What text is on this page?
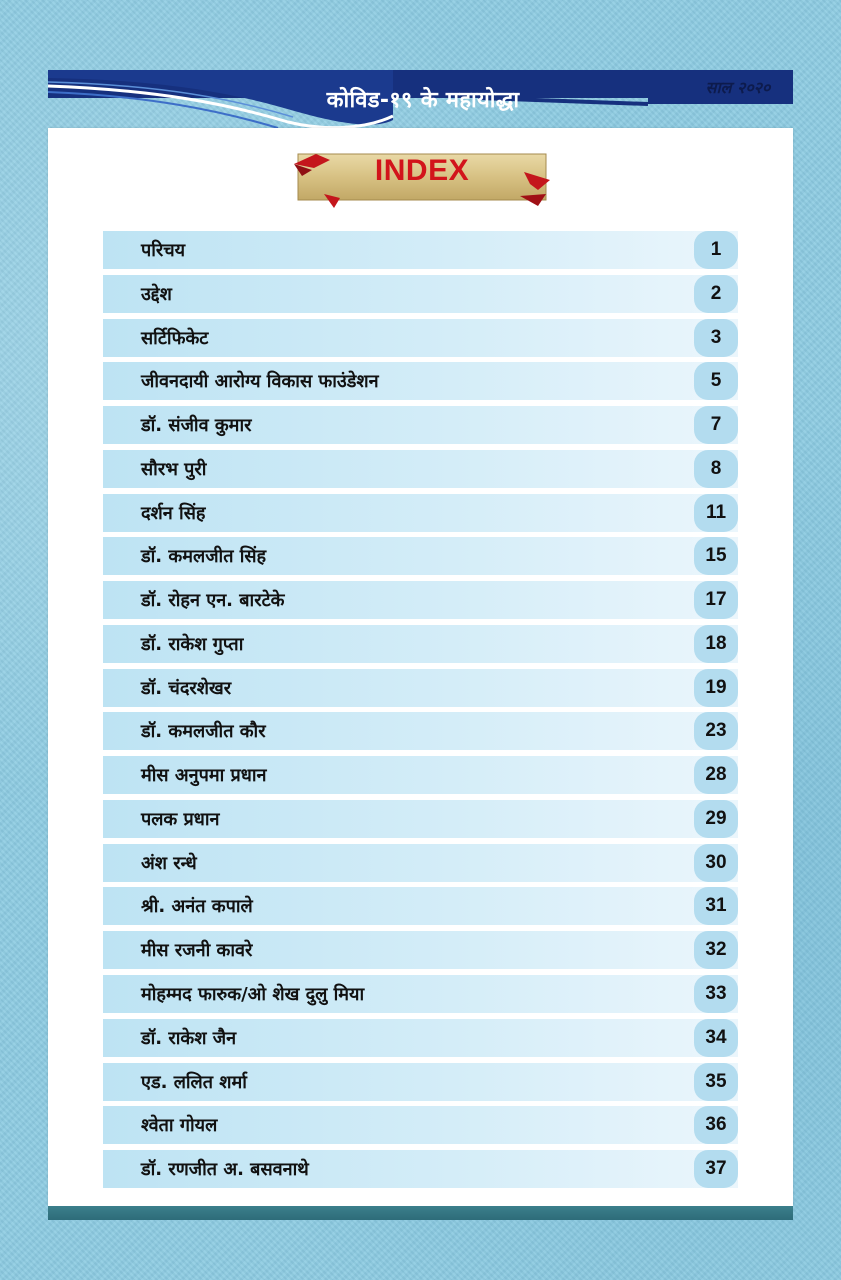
कोविड-१९ के महायोद्धा
साल २०२०
INDEX
परिचय	1
उद्देश	2
सर्टिफिकेट	3
जीवनदायी आरोग्य विकास फाउंडेशन	5
डॉ. संजीव कुमार	7
सौरभ पुरी	8
दर्शन सिंह	11
डॉ. कमलजीत सिंह	15
डॉ. रोहन एन. बारटेके	17
डॉ. राकेश गुप्ता	18
डॉ. चंदरशेखर	19
डॉ. कमलजीत कौर	23
मीस अनुपमा प्रधान	28
पलक प्रधान	29
अंश रन्धे	30
श्री. अनंत कपाले	31
मीस रजनी कावरे	32
मोहम्मद फारुक/ओ शेख दुलु मिया	33
डॉ. राकेश जैन	34
एड. ललित शर्मा	35
श्वेता गोयल	36
डॉ. रणजीत अ. बसवनाथे	37
